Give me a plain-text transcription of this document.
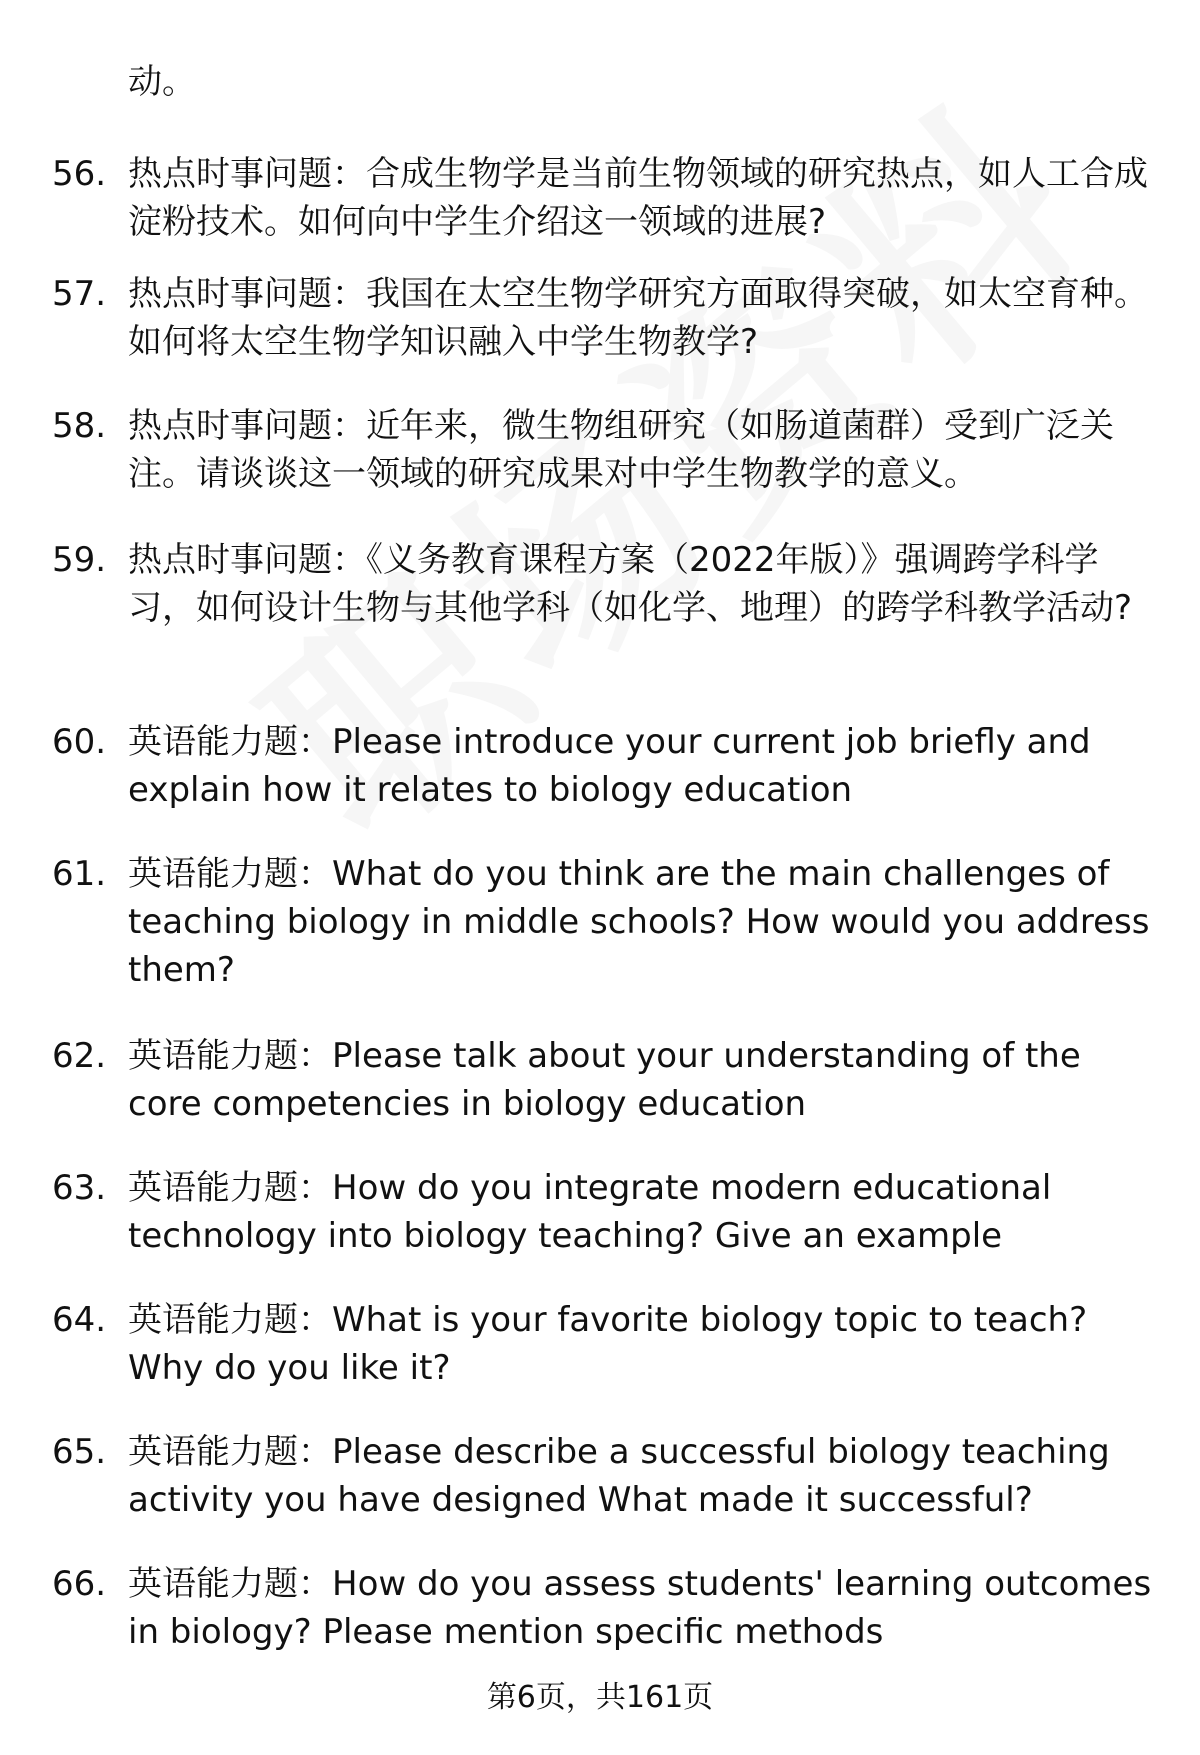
动。
56. 热点时事问题：合成生物学是当前生物领域的研究热点，如人工合成淀粉技术。如何向中学生介绍这一领域的进展?
57. 热点时事问题：我国在太空生物学研究方面取得突破，如太空育种。如何将太空生物学知识融入中学生物教学?
58. 热点时事问题：近年来，微生物组研究（如肠道菌群）受到广泛关注。请谈谈这一领域的研究成果对中学生物教学的意义。
59. 热点时事问题：《义务教育课程方案（2022年版）》强调跨学科学习，如何设计生物与其他学科（如化学、地理）的跨学科教学活动?
60. 英语能力题：Please introduce your current job briefly and explain how it relates to biology education
61. 英语能力题：What do you think are the main challenges of teaching biology in middle schools? How would you address them?
62. 英语能力题：Please talk about your understanding of the core competencies in biology education
63. 英语能力题：How do you integrate modern educational technology into biology teaching? Give an example
64. 英语能力题：What is your favorite biology topic to teach? Why do you like it?
65. 英语能力题：Please describe a successful biology teaching activity you have designed What made it successful?
66. 英语能力题：How do you assess students' learning outcomes in biology? Please mention specific methods
第6页，共161页
